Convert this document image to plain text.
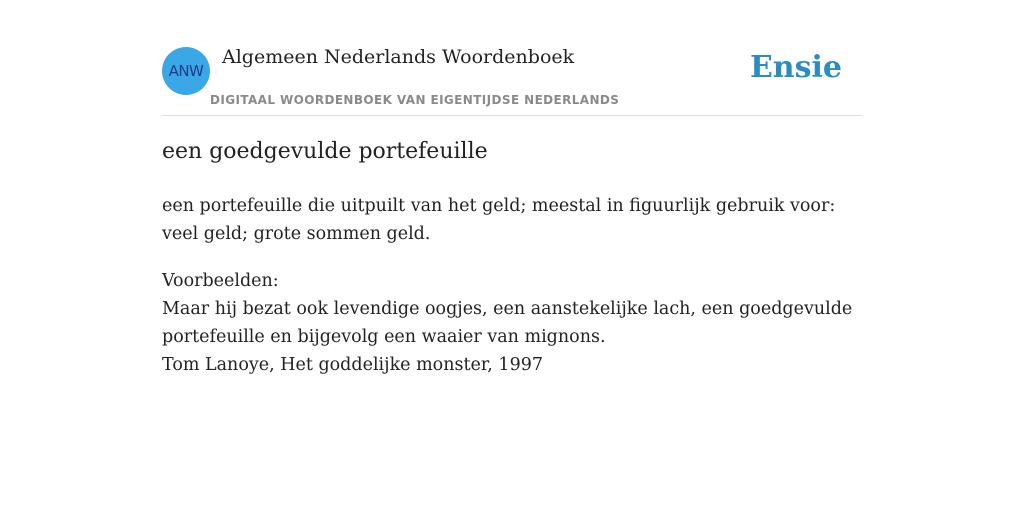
ANW
Algemeen Nederlands Woordenboek
DIGITAAL WOORDENBOEK VAN EIGENTIJDSE NEDERLANDS
Ensie
een goedgevulde portefeuille

een portefeuille die uitpuilt van het geld; meestal in figuurlijk gebruik voor: veel geld; grote sommen geld.

Voorbeelden:
Maar hij bezat ook levendige oogjes, een aanstekelijke lach, een goedgevulde portefeuille en bijgevolg een waaier van mignons.
Tom Lanoye, Het goddelijke monster, 1997
